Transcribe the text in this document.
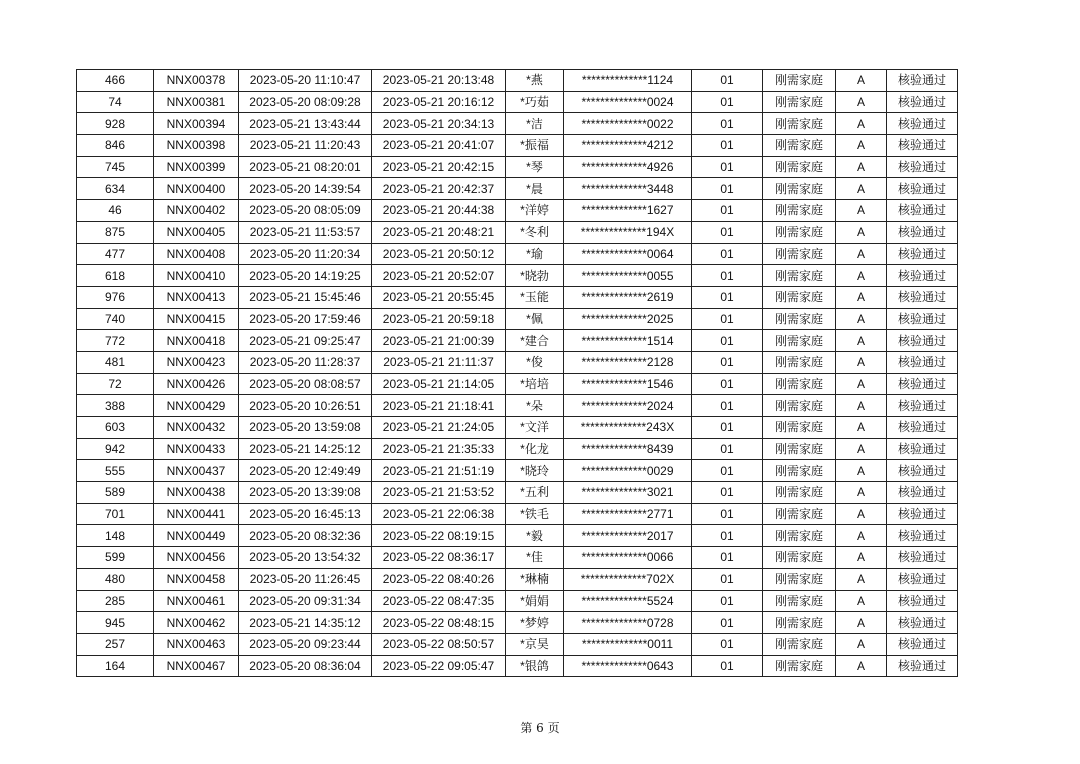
466	NNX00378	2023-05-20 11:10:47	2023-05-21 20:13:48	*燕	**************1124	01	刚需家庭	A	核验通过
74	NNX00381	2023-05-20 08:09:28	2023-05-21 20:16:12	*巧茹	**************0024	01	刚需家庭	A	核验通过
928	NNX00394	2023-05-21 13:43:44	2023-05-21 20:34:13	*洁	**************0022	01	刚需家庭	A	核验通过
846	NNX00398	2023-05-21 11:20:43	2023-05-21 20:41:07	*振福	**************4212	01	刚需家庭	A	核验通过
745	NNX00399	2023-05-21 08:20:01	2023-05-21 20:42:15	*琴	**************4926	01	刚需家庭	A	核验通过
634	NNX00400	2023-05-20 14:39:54	2023-05-21 20:42:37	*晨	**************3448	01	刚需家庭	A	核验通过
46	NNX00402	2023-05-20 08:05:09	2023-05-21 20:44:38	*洋婷	**************1627	01	刚需家庭	A	核验通过
875	NNX00405	2023-05-21 11:53:57	2023-05-21 20:48:21	*冬利	**************194X	01	刚需家庭	A	核验通过
477	NNX00408	2023-05-20 11:20:34	2023-05-21 20:50:12	*瑜	**************0064	01	刚需家庭	A	核验通过
618	NNX00410	2023-05-20 14:19:25	2023-05-21 20:52:07	*晓勃	**************0055	01	刚需家庭	A	核验通过
976	NNX00413	2023-05-21 15:45:46	2023-05-21 20:55:45	*玉能	**************2619	01	刚需家庭	A	核验通过
740	NNX00415	2023-05-20 17:59:46	2023-05-21 20:59:18	*佩	**************2025	01	刚需家庭	A	核验通过
772	NNX00418	2023-05-21 09:25:47	2023-05-21 21:00:39	*建合	**************1514	01	刚需家庭	A	核验通过
481	NNX00423	2023-05-20 11:28:37	2023-05-21 21:11:37	*俊	**************2128	01	刚需家庭	A	核验通过
72	NNX00426	2023-05-20 08:08:57	2023-05-21 21:14:05	*培培	**************1546	01	刚需家庭	A	核验通过
388	NNX00429	2023-05-20 10:26:51	2023-05-21 21:18:41	*朵	**************2024	01	刚需家庭	A	核验通过
603	NNX00432	2023-05-20 13:59:08	2023-05-21 21:24:05	*文洋	**************243X	01	刚需家庭	A	核验通过
942	NNX00433	2023-05-21 14:25:12	2023-05-21 21:35:33	*化龙	**************8439	01	刚需家庭	A	核验通过
555	NNX00437	2023-05-20 12:49:49	2023-05-21 21:51:19	*晓玲	**************0029	01	刚需家庭	A	核验通过
589	NNX00438	2023-05-20 13:39:08	2023-05-21 21:53:52	*五利	**************3021	01	刚需家庭	A	核验通过
701	NNX00441	2023-05-20 16:45:13	2023-05-21 22:06:38	*铁毛	**************2771	01	刚需家庭	A	核验通过
148	NNX00449	2023-05-20 08:32:36	2023-05-22 08:19:15	*毅	**************2017	01	刚需家庭	A	核验通过
599	NNX00456	2023-05-20 13:54:32	2023-05-22 08:36:17	*佳	**************0066	01	刚需家庭	A	核验通过
480	NNX00458	2023-05-20 11:26:45	2023-05-22 08:40:26	*琳楠	**************702X	01	刚需家庭	A	核验通过
285	NNX00461	2023-05-20 09:31:34	2023-05-22 08:47:35	*娟娟	**************5524	01	刚需家庭	A	核验通过
945	NNX00462	2023-05-21 14:35:12	2023-05-22 08:48:15	*梦婷	**************0728	01	刚需家庭	A	核验通过
257	NNX00463	2023-05-20 09:23:44	2023-05-22 08:50:57	*京昊	**************0011	01	刚需家庭	A	核验通过
164	NNX00467	2023-05-20 08:36:04	2023-05-22 09:05:47	*银鸽	**************0643	01	刚需家庭	A	核验通过
第 6 页
